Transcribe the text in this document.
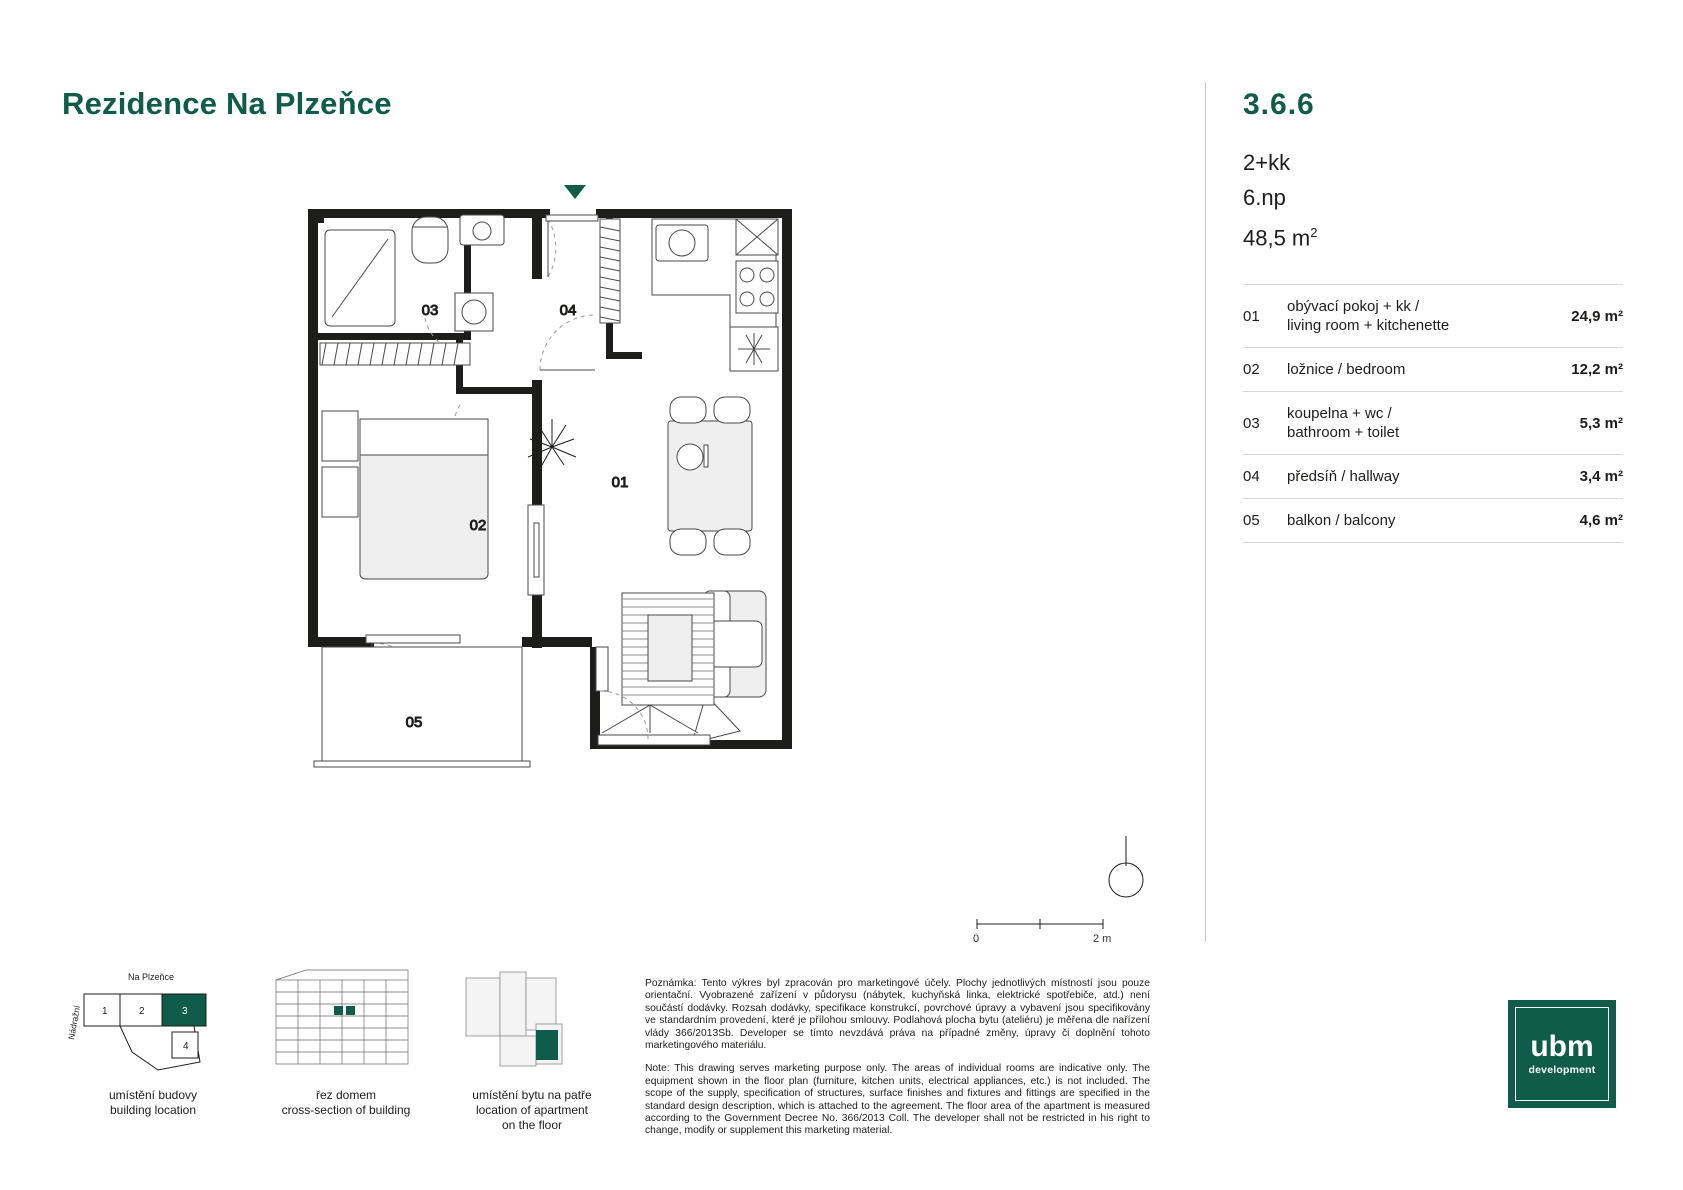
Rezidence Na Plzeňce	3.6.6
2+kk
6.np
48,5 $m^2$
01	obývací pokoj + kk /
living room + kitchenette	24,9 m²
02	ložnice / bedroom	12,2 m²
03	koupelna + wc /
bathroom + toilet	5,3 m²
04	předsíň / hallway	3,4 m²
05	balkon / balcony	4,6 m²
03	04
02
01
05
0	2 m
Na Plzeňce
Nádražní 1	2	3
4
umístění budovy
building location
řez domem
cross-section of building
umístění bytu na patře
location of apartment
on the floor

Poznámka: Tento výkres byl zpracován pro marketingové účely. Plochy jednotlivých místností jsou pouze orientační. Vyobrazené zařízení v půdorysu (nábytek, kuchyňská linka, elektrické spotřebiče, atd.) není součástí dodávky. Rozsah dodávky, specifikace konstrukcí, povrchové úpravy a vybavení jsou specifikovány ve standardním provedení, které je přílohou smlouvy. Podlahová plocha bytu (ateliéru) je měřena dle nařízení vlády 366/2013Sb. Developer se tímto nevzdává práva na případné změny, úpravy či doplnění tohoto marketingového materiálu.

Note: This drawing serves marketing purpose only. The areas of individual rooms are indicative only. The equipment shown in the floor plan (furniture, kitchen units, electrical appliances, etc.) is not included. The scope of the supply, specification of structures, surface finishes and fixtures and fittings are specified in the standard design description, which is attached to the agreement. The floor area of the apartment is measured according to the Government Decree No. 366/2013 Coll. The developer shall not be restricted in his right to change, modify or supplement this marketing material.

ubm
development
